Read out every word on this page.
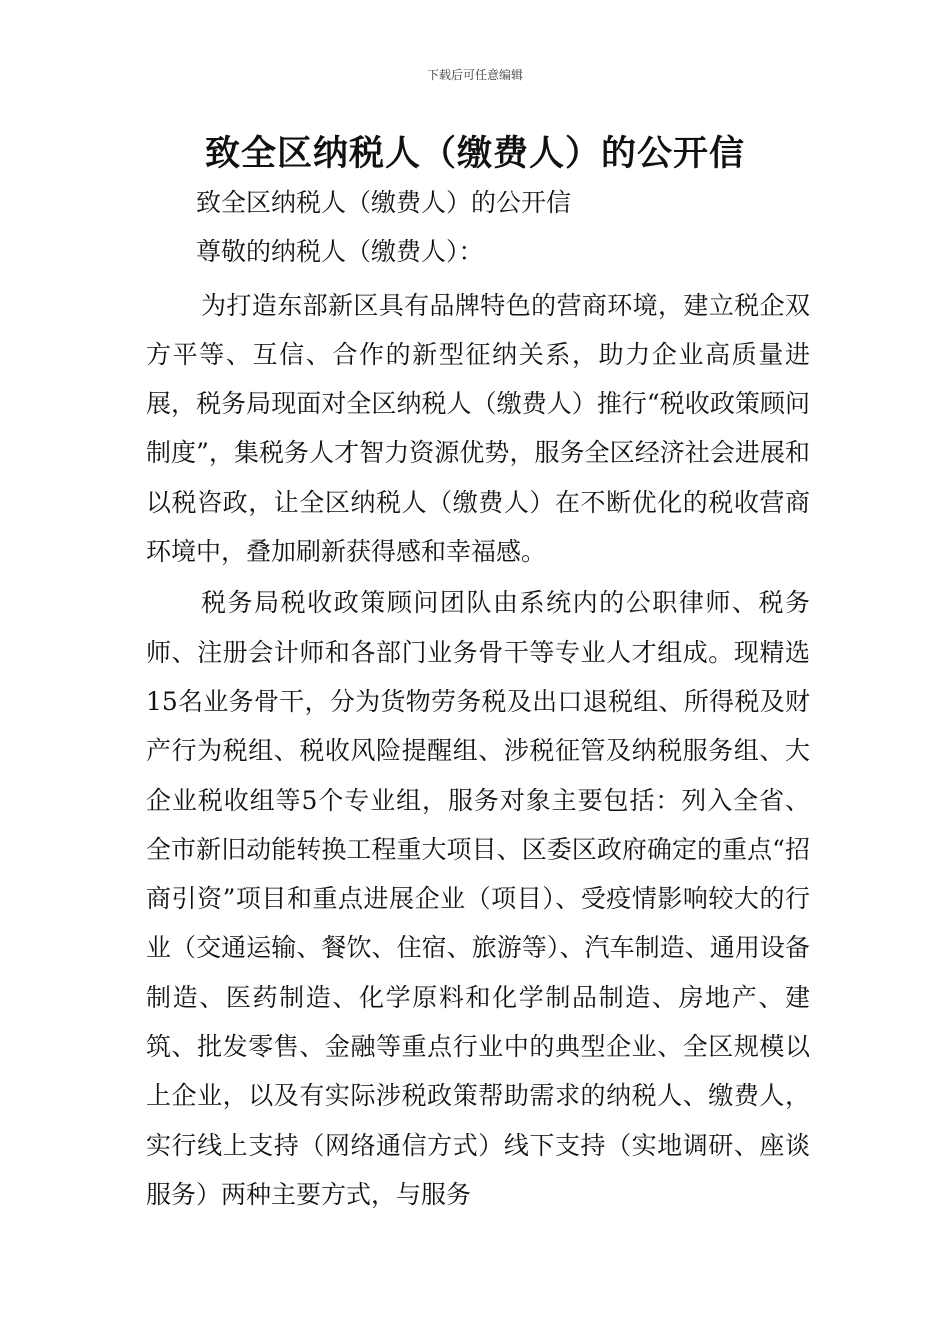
下载后可任意编辑
致全区纳税人（缴费人）的公开信

致全区纳税人（缴费人）的公开信

尊敬的纳税人（缴费人）：

为打造东部新区具有品牌特色的营商环境，建立税企双方平等、互信、合作的新型征纳关系，助力企业高质量进展，税务局现面对全区纳税人（缴费人）推行“税收政策顾问制度”，集税务人才智力资源优势，服务全区经济社会进展和以税咨政，让全区纳税人（缴费人）在不断优化的税收营商环境中，叠加刷新获得感和幸福感。

税务局税收政策顾问团队由系统内的公职律师、税务师、注册会计师和各部门业务骨干等专业人才组成。现精选15名业务骨干，分为货物劳务税及出口退税组、所得税及财产行为税组、税收风险提醒组、涉税征管及纳税服务组、大企业税收组等5个专业组，服务对象主要包括：列入全省、全市新旧动能转换工程重大项目、区委区政府确定的重点“招商引资”项目和重点进展企业（项目）、受疫情影响较大的行业（交通运输、餐饮、住宿、旅游等）、汽车制造、通用设备制造、医药制造、化学原料和化学制品制造、房地产、建筑、批发零售、金融等重点行业中的典型企业、全区规模以上企业，以及有实际涉税政策帮助需求的纳税人、缴费人，实行线上支持（网络通信方式）线下支持（实地调研、座谈服务）两种主要方式，与服务
